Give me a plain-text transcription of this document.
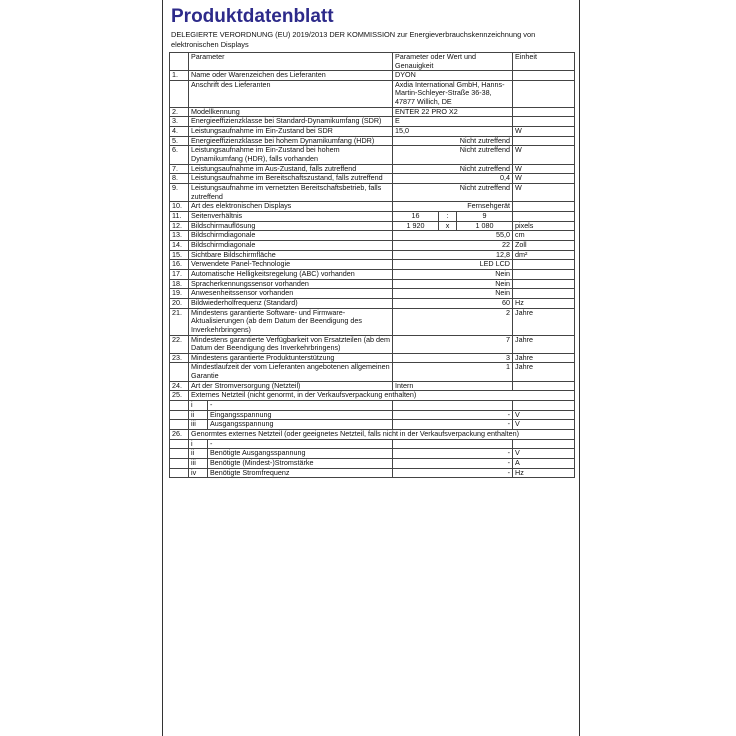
Produktdatenblatt
DELEGIERTE VERORDNUNG (EU) 2019/2013 DER KOMMISSION zur Energieverbrauchskennzeichnung von elektronischen Displays
	Parameter		Parameter oder Wert und Genauigkeit			Einheit
1.	Name oder Warenzeichen des Lieferanten		DYON			
	Anschrift des Lieferanten		Axdia International GmbH, Hanns-Martin-Schleyer-Straße 36-38, 47877 Willich, DE			
2.	Modellkennung		ENTER 22 PRO X2			
3.	Energieeffizienzklasse bei Standard-Dynamikumfang (SDR)		E			
4.	Leistungsaufnahme im Ein-Zustand bei SDR		15,0			W
5.	Energieeffizienzklasse bei hohem Dynamikumfang (HDR)		Nicht zutreffend			
6.	Leistungsaufnahme im Ein-Zustand bei hohem Dynamikumfang (HDR), falls vorhanden		Nicht zutreffend			W
7.	Leistungsaufnahme im Aus-Zustand, falls zutreffend		Nicht zutreffend			W
8.	Leistungsaufnahme im Bereitschaftszustand, falls zutreffend		0,4			W
9.	Leistungsaufnahme im vernetzten Bereitschaftsbetrieb, falls zutreffend		Nicht zutreffend			W
10.	Art des elektronischen Displays		Fernsehgerät			
11.	Seitenverhältnis		16	:	9	
12.	Bildschirmauflösung		1 920	x	1 080	pixels
13.	Bildschirmdiagonale		55,0			cm
14.	Bildschirmdiagonale		22			Zoll
15.	Sichtbare Bildschirmfläche		12,8			dm²
16.	Verwendete Panel-Technologie		LED LCD			
17.	Automatische Helligkeitsregelung (ABC) vorhanden		Nein			
18.	Spracherkennungssensor vorhanden		Nein			
19.	Anwesenheitssensor vorhanden		Nein			
20.	Bildwiederholfrequenz (Standard)		60			Hz
21.	Mindestens garantierte Software- und Firmware-Aktualisierungen (ab dem Datum der Beendigung des Inverkehrbringens)		2			Jahre
22.	Mindestens garantierte Verfügbarkeit von Ersatzteilen (ab dem Datum der Beendigung des Inverkehrbringens)		7			Jahre
23.	Mindestens garantierte Produktunterstützung		3			Jahre
	Mindestlaufzeit der vom Lieferanten angebotenen allgemeinen Garantie		1			Jahre
24.	Art der Stromversorgung (Netzteil)		Intern			
25.	Externes Netzteil (nicht genormt, in der Verkaufsverpackung enthalten)					
	i	-				
	ii	Eingangsspannung	-			V
	iii	Ausgangsspannung	-			V
26.	Genormtes externes Netzteil (oder geeignetes Netzteil, falls nicht in der Verkaufsverpackung enthalten)					
	i	-				
	ii	Benötigte Ausgangsspannung	-			V
	iii	Benötigte (Mindest-)Stromstärke	-			A
	iv	Benötigte Stromfrequenz	-			Hz
